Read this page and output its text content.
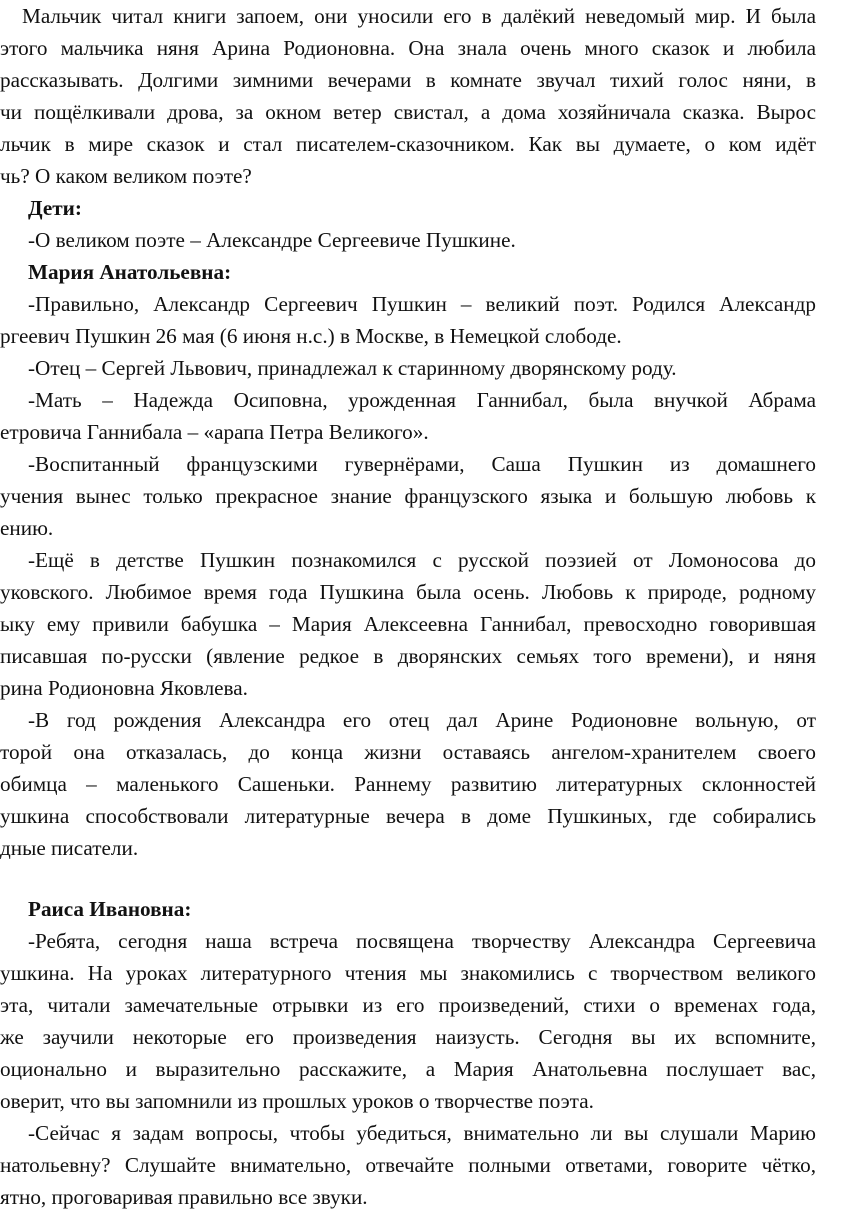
Мальчик читал книги запоем, они уносили его в далёкий неведомый мир. И была
этого мальчика няня Арина Родионовна. Она знала очень много сказок и любила
рассказывать. Долгими зимними вечерами в комнате звучал тихий голос няни, в
чи пощёлкивали дрова, за окном ветер свистал, а дома хозяйничала сказка. Вырос
льчик в мире сказок и стал писателем-сказочником. Как вы думаете, о ком идёт
чь? О каком великом поэте?
Дети:
-О великом поэте – Александре Сергеевиче Пушкине.
Мария Анатольевна:
-Правильно, Александр Сергеевич Пушкин – великий поэт. Родился Александр
ргеевич Пушкин 26 мая (6 июня н.с.) в Москве, в Немецкой слободе.
-Отец – Сергей Львович, принадлежал к старинному дворянскому роду.
-Мать – Надежда Осиповна, урожденная Ганнибал, была внучкой Абрама
етровича Ганнибала – «арапа Петра Великого».
-Воспитанный французскими гувернёрами, Саша Пушкин из домашнего
учения вынес только прекрасное знание французского языка и большую любовь к
ению.
-Ещё в детстве Пушкин познакомился с русской поэзией от Ломоносова до
уковского. Любимое время года Пушкина была осень. Любовь к природе, родному
ыку ему привили бабушка – Мария Алексеевна Ганнибал, превосходно говорившая
писавшая по-русски (явление редкое в дворянских семьях того времени), и няня
рина Родионовна Яковлева.
-В год рождения Александра его отец дал Арине Родионовне вольную, от
торой она отказалась, до конца жизни оставаясь ангелом-хранителем своего
обимца – маленького Сашеньки. Раннему развитию литературных склонностей
ушкина способствовали литературные вечера в доме Пушкиных, где собирались
дные писатели.
Раиса Ивановна:
-Ребята, сегодня наша встреча посвящена творчеству Александра Сергеевича
ушкина. На уроках литературного чтения мы знакомились с творчеством великого
эта, читали замечательные отрывки из его произведений, стихи о временах года,
же заучили некоторые его произведения наизусть. Сегодня вы их вспомните,
оционально и выразительно расскажите, а Мария Анатольевна послушает вас,
оверит, что вы запомнили из прошлых уроков о творчестве поэта.
-Сейчас я задам вопросы, чтобы убедиться, внимательно ли вы слушали Марию
натольевну? Слушайте внимательно, отвечайте полными ответами, говорите чётко,
ятно, проговаривая правильно все звуки.
